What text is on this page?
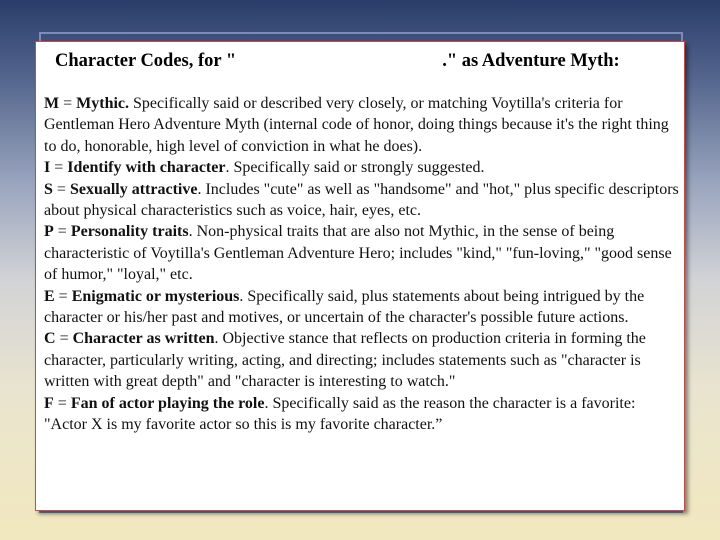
Character Codes, for "	." as Adventure Myth:

M = Mythic. Specifically said or described very closely, or matching Voytilla's criteria for Gentleman Hero Adventure Myth (internal code of honor, doing things because it's the right thing to do, honorable, high level of conviction in what he does).

I = Identify with character. Specifically said or strongly suggested.

S = Sexually attractive. Includes "cute" as well as "handsome" and "hot," plus specific descriptors about physical characteristics such as voice, hair, eyes, etc.

P = Personality traits. Non-physical traits that are also not Mythic, in the sense of being characteristic of Voytilla's Gentleman Adventure Hero; includes "kind," "fun-loving," "good sense of humor," "loyal," etc.

E = Enigmatic or mysterious. Specifically said, plus statements about being intrigued by the character or his/her past and motives, or uncertain of the character's possible future actions.

C = Character as written. Objective stance that reflects on production criteria in forming the character, particularly writing, acting, and directing; includes statements such as "character is written with great depth" and "character is interesting to watch."

F = Fan of actor playing the role. Specifically said as the reason the character is a favorite: "Actor X is my favorite actor so this is my favorite character.”
